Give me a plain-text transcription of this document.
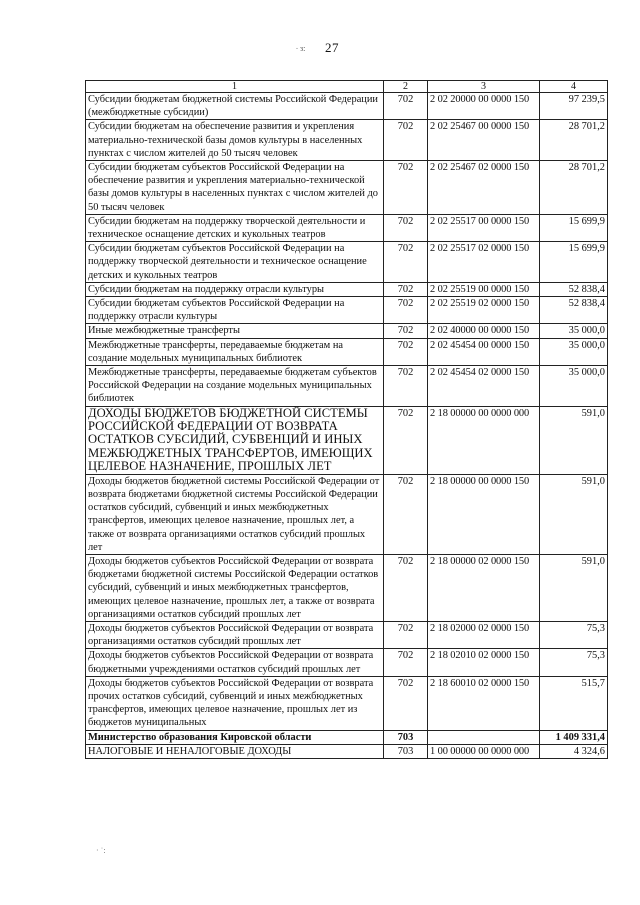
∙ з:	27
1	2	3	4
Субсидии бюджетам бюджетной системы Российской Федерации (межбюджетные субсидии)	702	2 02 20000 00 0000 150	97 239,5
Субсидии бюджетам на обеспечение развития и укрепления материально-технической базы домов культуры в населенных пунктах с числом жителей до 50 тысяч человек	702	2 02 25467 00 0000 150	28 701,2
Субсидии бюджетам субъектов Российской Федерации на обеспечение развития и укрепления материально-технической базы домов культуры в населенных пунктах с числом жителей до 50 тысяч человек	702	2 02 25467 02 0000 150	28 701,2
Субсидии бюджетам на поддержку творческой деятельности и техническое оснащение детских и кукольных театров	702	2 02 25517 00 0000 150	15 699,9
Субсидии бюджетам субъектов Российской Федерации на поддержку творческой деятельности и техническое оснащение детских и кукольных театров	702	2 02 25517 02 0000 150	15 699,9
Субсидии бюджетам на поддержку отрасли культуры	702	2 02 25519 00 0000 150	52 838,4
Субсидии бюджетам субъектов Российской Федерации на поддержку отрасли культуры	702	2 02 25519 02 0000 150	52 838,4
Иные межбюджетные трансферты	702	2 02 40000 00 0000 150	35 000,0
Межбюджетные трансферты, передаваемые бюджетам на создание модельных муниципальных библиотек	702	2 02 45454 00 0000 150	35 000,0
Межбюджетные трансферты, передаваемые бюджетам субъектов Российской Федерации на создание модельных муниципальных библиотек	702	2 02 45454 02 0000 150	35 000,0
ДОХОДЫ БЮДЖЕТОВ БЮДЖЕТНОЙ СИСТЕМЫ РОССИЙСКОЙ ФЕДЕРАЦИИ ОТ ВОЗВРАТА ОСТАТКОВ СУБСИДИЙ, СУБВЕНЦИЙ И ИНЫХ МЕЖБЮДЖЕТНЫХ ТРАНСФЕРТОВ, ИМЕЮЩИХ ЦЕЛЕВОЕ НАЗНАЧЕНИЕ, ПРОШЛЫХ ЛЕТ	702	2 18 00000 00 0000 000	591,0
Доходы бюджетов бюджетной системы Российской Федерации от возврата бюджетами бюджетной системы Российской Федерации остатков субсидий, субвенций и иных межбюджетных трансфертов, имеющих целевое назначение, прошлых лет, а также от возврата организациями остатков субсидий прошлых лет	702	2 18 00000 00 0000 150	591,0
Доходы бюджетов субъектов Российской Федерации от возврата бюджетами бюджетной системы Российской Федерации остатков субсидий, субвенций и иных межбюджетных трансфертов, имеющих целевое назначение, прошлых лет, а также от возврата организациями остатков субсидий прошлых лет	702	2 18 00000 02 0000 150	591,0
Доходы бюджетов субъектов Российской Федерации от возврата организациями остатков субсидий прошлых лет	702	2 18 02000 02 0000 150	75,3
Доходы бюджетов субъектов Российской Федерации от возврата бюджетными учреждениями остатков субсидий прошлых лет	702	2 18 02010 02 0000 150	75,3
Доходы бюджетов субъектов Российской Федерации от возврата прочих остатков субсидий, субвенций и иных межбюджетных трансфертов, имеющих целевое назначение, прошлых лет из бюджетов муниципальных	702	2 18 60010 02 0000 150	515,7
Министерство образования Кировской области	703		1 409 331,4
НАЛОГОВЫЕ И НЕНАЛОГОВЫЕ ДОХОДЫ	703	1 00 00000 00 0000 000	4 324,6
· ˙:
